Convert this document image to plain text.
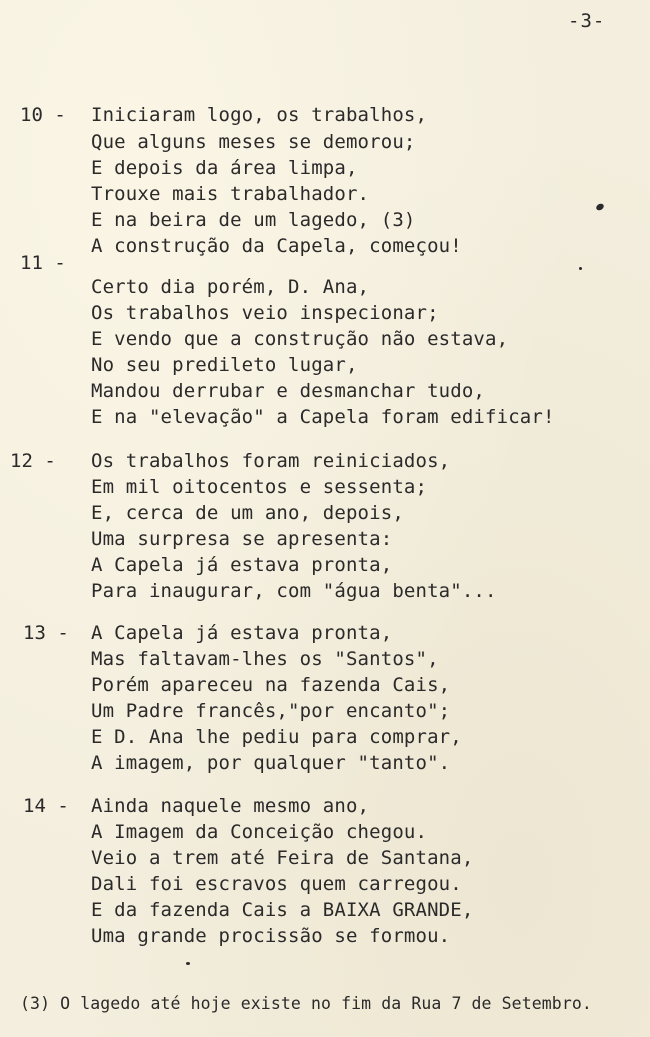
-3-
10 - Iniciaram logo, os trabalhos,
Que alguns meses se demorou;
E depois da área limpa,
Trouxe mais trabalhador.
E na beira de um lagedo, (3)
A construção da Capela, começou!
11 -
Certo dia porém, D. Ana,
Os trabalhos veio inspecionar;
E vendo que a construção não estava,
No seu predileto lugar,
Mandou derrubar e desmanchar tudo,
E na "elevação" a Capela foram edificar!
12 - Os trabalhos foram reiniciados,
Em mil oitocentos e sessenta;
E, cerca de um ano, depois,
Uma surpresa se apresenta:
A Capela já estava pronta,
Para inaugurar, com "água benta"...
13 - A Capela já estava pronta,
Mas faltavam-lhes os "Santos",
Porém apareceu na fazenda Cais,
Um Padre francês,"por encanto";
E D. Ana lhe pediu para comprar,
A imagem, por qualquer "tanto".
14 - Ainda naquele mesmo ano,
A Imagem da Conceição chegou.
Veio a trem até Feira de Santana,
Dali foi escravos quem carregou.
E da fazenda Cais a BAIXA GRANDE,
Uma grande procissão se formou.
(3) O lagedo até hoje existe no fim da Rua 7 de Setembro.
